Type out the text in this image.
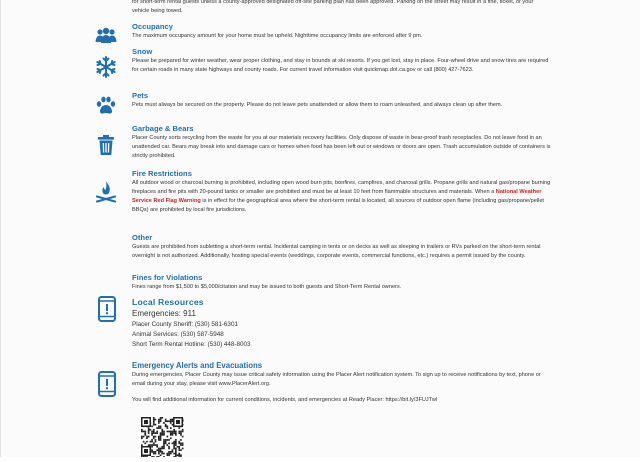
for short-term rental guests unless a county-approved designated off-site parking plan has been approved. Parking on the street may result in a fine, ticket, or your vehicle being towed.
Occupancy
The maximum occupancy amount for your home must be upheld. Nighttime occupancy limits are enforced after 9 pm.
Snow
Please be prepared for winter weather, wear proper clothing, and stay in bounds at ski resorts. If you get lost, stay in place. Four-wheel drive and snow tires are required for certain roads in many state highways and county roads. For current travel information visit quickmap.dot.ca.gov or call (800) 427-7623.
Pets
Pets must always be secured on the property. Please do not leave pets unattended or allow them to roam unleashed, and always clean up after them.
Garbage & Bears
Placer County sorts recycling from the waste for you at our materials recovery facilities. Only dispose of waste in bear-proof trash receptacles. Do not leave food in an unattended car. Bears may break into and damage cars or homes when food has been left out or windows or doors are open. Trash accumulation outside of containers is strictly prohibited.
Fire Restrictions
All outdoor wood or charcoal burning is prohibited, including open wood burn pits, bonfires, campfires, and charcoal grills. Propane grills and natural gas/propane burning fireplaces and fire pits with 20-pound tanks or smaller are prohibited and must be at least 10 feet from flammable structures and materials. When a National Weather Service Red Flag Warning is in effect for the geographical area where the short-term rental is located, all sources of outdoor open flame (including gas/propane/pellet BBQs) are prohibited by local fire jurisdictions.
Other
Guests are prohibited from subletting a short-term rental. Incidental camping in tents or on decks as well as sleeping in trailers or RVs parked on the short-term rental overnight is not authorized. Additionally, hosting special events (weddings, corporate events, commercial functions, etc.) requires a permit issued by the county.
Fines for Violations
Fines range from $1,500 to $5,000/citation and may be issued to both guests and Short-Term Rental owners.
Local Resources
Emergencies: 911
Placer County Sheriff: (530) 581-6301
Animal Services: (530) 587-5948
Short Term Rental Hotline: (530) 448-8003
Emergency Alerts and Evacuations
During emergencies, Placer County may issue critical safety information using the Placer Alert notification system. To sign up to receive notifications by text, phone or email during your stay, please visit www.PlacerAlert.org.
You will find additional information for current conditions, incidents, and emergencies at Ready Placer: https://bit.ly/3FUJTwl
